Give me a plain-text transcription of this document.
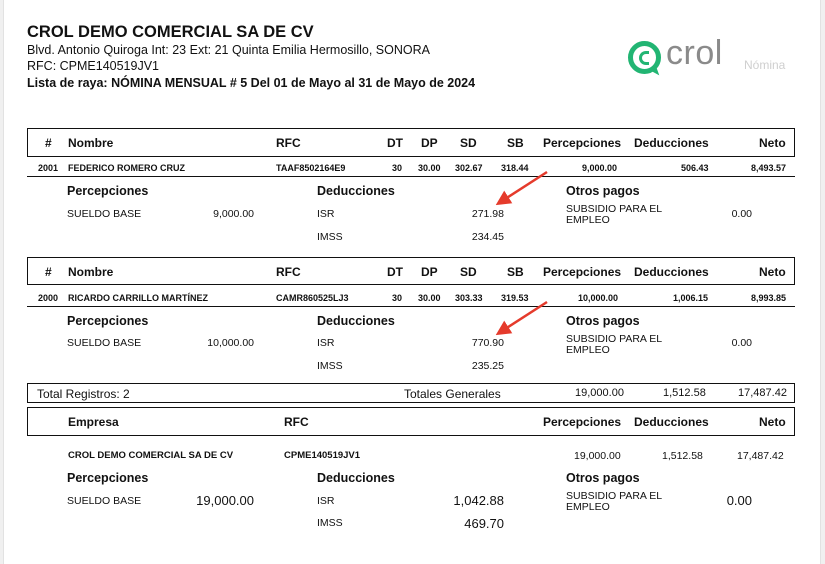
CROL DEMO COMERCIAL SA DE CV
Blvd. Antonio Quiroga Int: 23 Ext: 21 Quinta Emilia Hermosillo, SONORA
RFC: CPME140519JV1
Lista de raya: NÓMINA MENSUAL # 5 Del 01 de Mayo al 31 de Mayo de 2024
crol Nómina
# Nombre	RFC	DT DP SD	SB Percepciones Deducciones	Neto
2001 FEDERICO ROMERO CRUZ	TAAF8502164E9	30 30.00 302.67 318.44	9,000.00	506.43	8,493.57
Percepciones	Deducciones	Otros pagos
SUELDO BASE	9,000.00	ISR	271.98
IMSS	234.45
SUBSIDIO PARA EL
EMPLEO	0.00
# Nombre	RFC	DT DP SD	SB Percepciones Deducciones	Neto
2000 RICARDO CARRILLO MARTÍNEZ	CAMR860525LJ3	30 30.00 303.33 319.53	10,000.00	1,006.15	8,993.85
Percepciones	Deducciones	Otros pagos
SUELDO BASE	10,000.00	ISR	770.90
IMSS	235.25
SUBSIDIO PARA EL
EMPLEO
0.00
Total Registros: 2	Totales Generales	19,000.00	1,512.58	17,487.42
Empresa	RFC	Percepciones Deducciones	Neto
CROL DEMO COMERCIAL SA DE CV	CPME140519JV1	19,000.00	1,512.58	17,487.42
Percepciones	Deducciones	Otros pagos
SUELDO BASE	19,000.00	ISR	1,042.88
IMSS	469.70
SUBSIDIO PARA EL
EMPLEO	0.00
